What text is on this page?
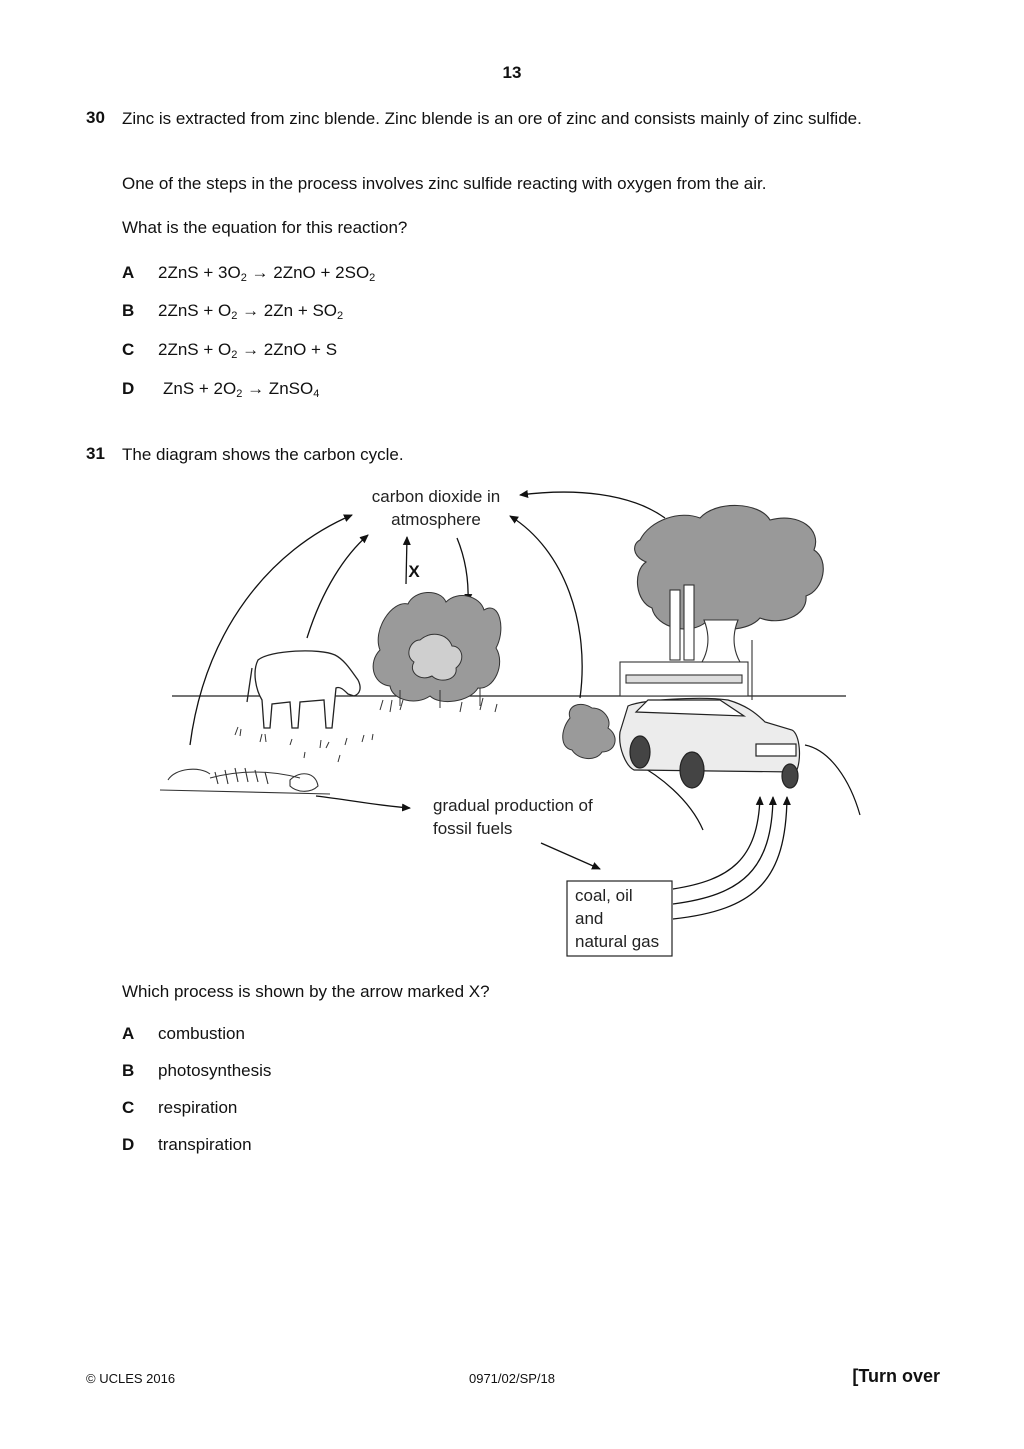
13
30 Zinc is extracted from zinc blende. Zinc blende is an ore of zinc and consists mainly of zinc sulfide.
One of the steps in the process involves zinc sulfide reacting with oxygen from the air.
What is the equation for this reaction?
A $2ZnS + 3O_2 \to 2ZnO + 2SO_2$
B $2ZnS + O_2 \to 2Zn + SO_2$
C $2ZnS + O_2 \to 2ZnO + S$
D ZnS + $2O_2$ → ZnSO$_4$
31 The diagram shows the carbon cycle.
carbon dioxide in
atmosphere
X
gradual production of
fossil fuels
coal, oil
and
natural gas
Which process is shown by the arrow marked X?
A combustion
B photosynthesis
C respiration
D transpiration
© UCLES 2016	0971/02/SP/18	[Turn over
